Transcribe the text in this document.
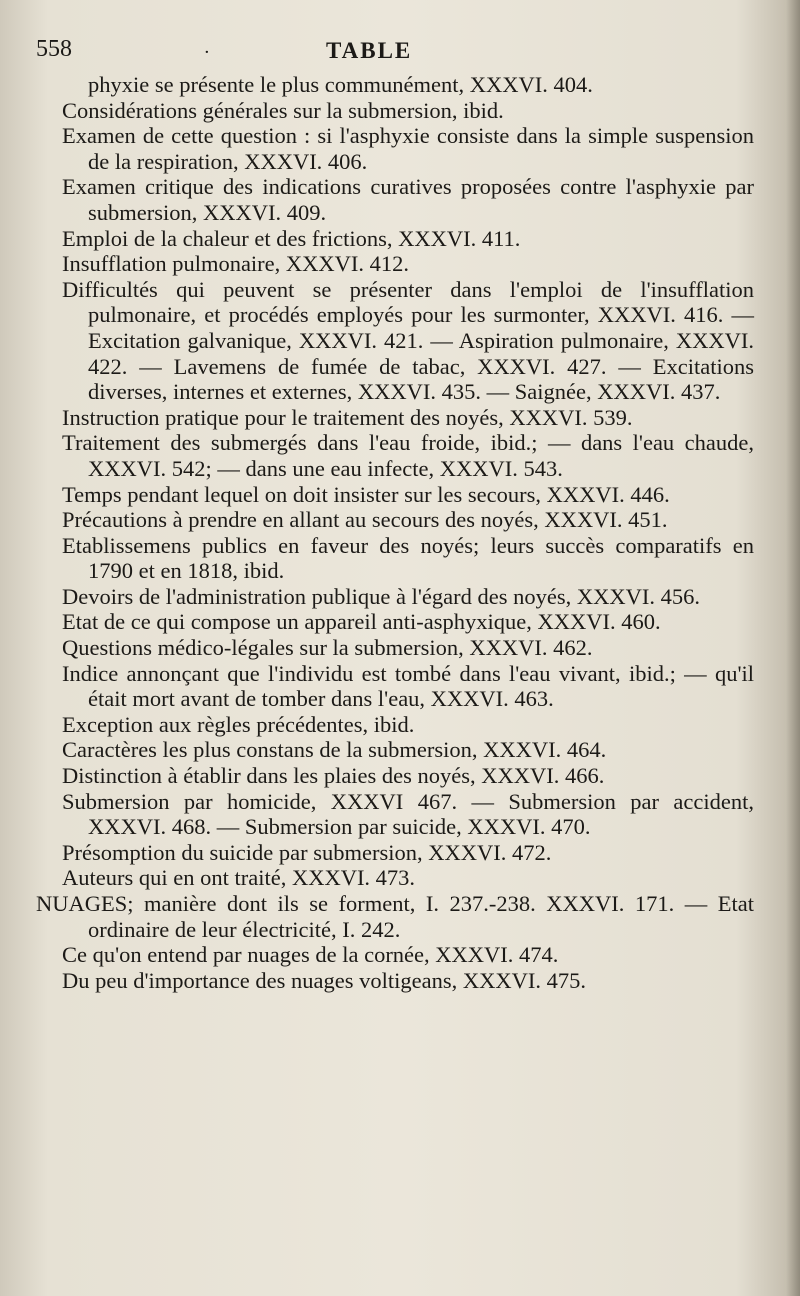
558	·	TABLE
phyxie se présente le plus communément, XXXVI. 404.
Considérations générales sur la submersion, ibid.
Examen de cette question : si l'asphyxie consiste dans la simple suspension de la respiration, XXXVI. 406.
Examen critique des indications curatives proposées contre l'asphyxie par submersion, XXXVI. 409.
Emploi de la chaleur et des frictions, XXXVI. 411.
Insufflation pulmonaire, XXXVI. 412.
Difficultés qui peuvent se présenter dans l'emploi de l'insufflation pulmonaire, et procédés employés pour les surmonter, XXXVI. 416. — Excitation galvanique, XXXVI. 421. — Aspiration pulmonaire, XXXVI. 422. — Lavemens de fumée de tabac, XXXVI. 427. — Excitations diverses, internes et externes, XXXVI. 435. — Saignée, XXXVI. 437.
Instruction pratique pour le traitement des noyés, XXXVI. 539.
Traitement des submergés dans l'eau froide, ibid.; — dans l'eau chaude, XXXVI. 542; — dans une eau infecte, XXXVI. 543.
Temps pendant lequel on doit insister sur les secours, XXXVI. 446.
Précautions à prendre en allant au secours des noyés, XXXVI. 451.
Etablissemens publics en faveur des noyés; leurs succès comparatifs en 1790 et en 1818, ibid.
Devoirs de l'administration publique à l'égard des noyés, XXXVI. 456.
Etat de ce qui compose un appareil anti-asphyxique, XXXVI. 460.
Questions médico-légales sur la submersion, XXXVI. 462.
Indice annonçant que l'individu est tombé dans l'eau vivant, ibid.; — qu'il était mort avant de tomber dans l'eau, XXXVI. 463.
Exception aux règles précédentes, ibid.
Caractères les plus constans de la submersion, XXXVI. 464.
Distinction à établir dans les plaies des noyés, XXXVI. 466.
Submersion par homicide, XXXVI 467. — Submersion par accident, XXXVI. 468. — Submersion par suicide, XXXVI. 470.
Présomption du suicide par submersion, XXXVI. 472.
Auteurs qui en ont traité, XXXVI. 473.
NUAGES; manière dont ils se forment, I. 237.-238. XXXVI. 171. — Etat ordinaire de leur électricité, I. 242.
Ce qu'on entend par nuages de la cornée, XXXVI. 474.
Du peu d'importance des nuages voltigeans, XXXVI. 475.
